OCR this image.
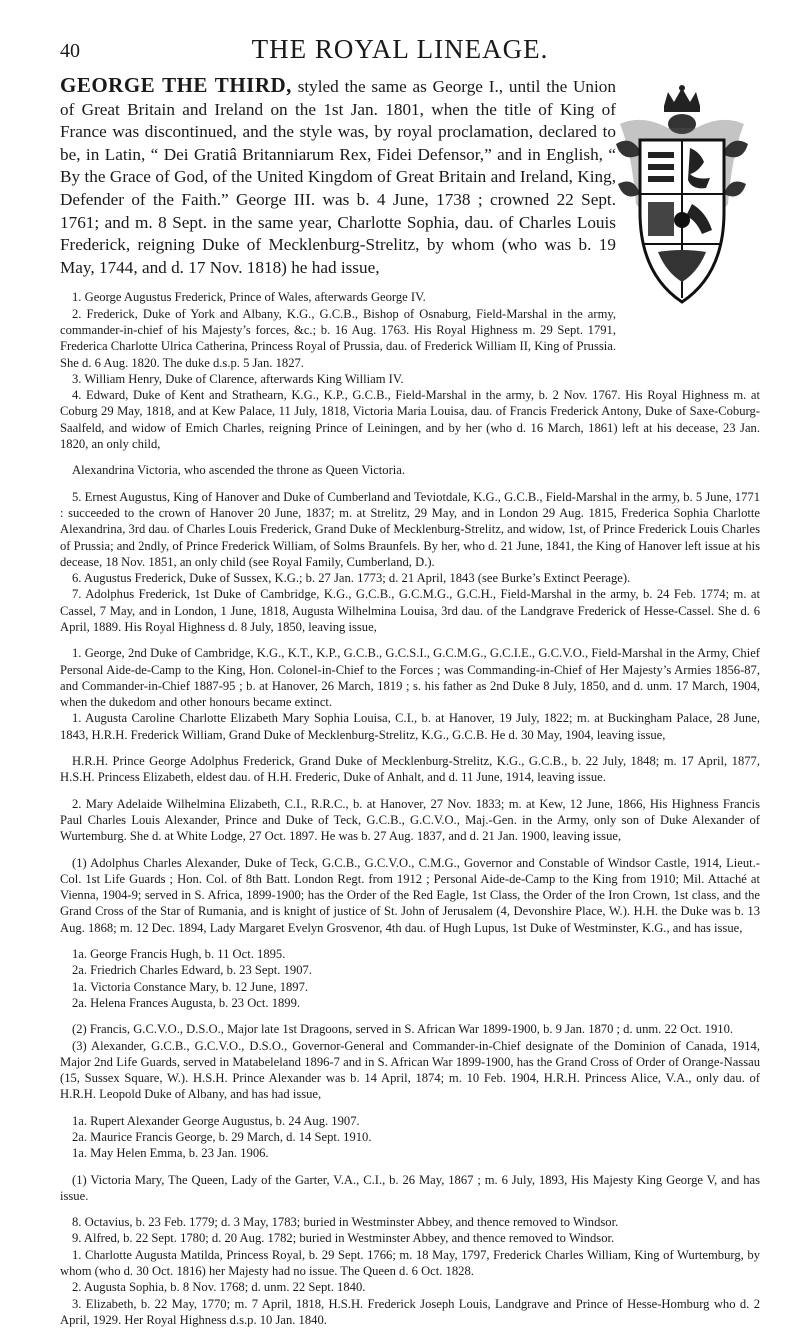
40	THE ROYAL LINEAGE.

GEORGE THE THIRD, styled the same as George I., until the Union of Great Britain and Ireland on the 1st Jan. 1801, when the title of King of France was discontinued, and the style was, by royal proclamation, declared to be, in Latin, “ Dei Gratiâ Britanniarum Rex, Fidei Defensor,” and in English, “ By the Grace of God, of the United Kingdom of Great Britain and Ireland, King, Defender of the Faith.” George III. was b. 4 June, 1738 ; crowned 22 Sept. 1761; and m. 8 Sept. in the same year, Charlotte Sophia, dau. of Charles Louis Frederick, reigning Duke of Mecklenburg-Strelitz, by whom (who was b. 19 May, 1744, and d. 17 Nov. 1818) he had issue,

1. George Augustus Frederick, Prince of Wales, afterwards George IV.

2. Frederick, Duke of York and Albany, K.G., G.C.B., Bishop of Osnaburg, Field-Marshal in the army, commander-in-chief of his Majesty’s forces, &c.; b. 16 Aug. 1763. His Royal Highness m. 29 Sept. 1791, Frederica Charlotte Ulrica Catherina, Princess Royal of Prussia, dau. of Frederick William II, King of Prussia. She d. 6 Aug. 1820. The duke d.s.p. 5 Jan. 1827.

3. William Henry, Duke of Clarence, afterwards King William IV.

4. Edward, Duke of Kent and Strathearn, K.G., K.P., G.C.B., Field-Marshal in the army, b. 2 Nov. 1767. His Royal Highness m. at Coburg 29 May, 1818, and at Kew Palace, 11 July, 1818, Victoria Maria Louisa, dau. of Francis Frederick Antony, Duke of Saxe-Coburg-Saalfeld, and widow of Emich Charles, reigning Prince of Leiningen, and by her (who d. 16 March, 1861) left at his decease, 23 Jan. 1820, an only child,

Alexandrina Victoria, who ascended the throne as Queen Victoria.

5. Ernest Augustus, King of Hanover and Duke of Cumberland and Teviotdale, K.G., G.C.B., Field-Marshal in the army, b. 5 June, 1771 : succeeded to the crown of Hanover 20 June, 1837; m. at Strelitz, 29 May, and in London 29 Aug. 1815, Frederica Sophia Charlotte Alexandrina, 3rd dau. of Charles Louis Frederick, Grand Duke of Mecklenburg-Strelitz, and widow, 1st, of Prince Frederick Louis Charles of Prussia; and 2ndly, of Prince Frederick William, of Solms Braunfels. By her, who d. 21 June, 1841, the King of Hanover left issue at his decease, 18 Nov. 1851, an only child (see Royal Family, Cumberland, D.).

6. Augustus Frederick, Duke of Sussex, K.G.; b. 27 Jan. 1773; d. 21 April, 1843 (see Burke’s Extinct Peerage).

7. Adolphus Frederick, 1st Duke of Cambridge, K.G., G.C.B., G.C.M.G., G.C.H., Field-Marshal in the army, b. 24 Feb. 1774; m. at Cassel, 7 May, and in London, 1 June, 1818, Augusta Wilhelmina Louisa, 3rd dau. of the Landgrave Frederick of Hesse-Cassel. She d. 6 April, 1889. His Royal Highness d. 8 July, 1850, leaving issue,

1. George, 2nd Duke of Cambridge, K.G., K.T., K.P., G.C.B., G.C.S.I., G.C.M.G., G.C.I.E., G.C.V.O., Field-Marshal in the Army, Chief Personal Aide-de-Camp to the King, Hon. Colonel-in-Chief to the Forces ; was Commanding-in-Chief of Her Majesty’s Armies 1856-87, and Commander-in-Chief 1887-95 ; b. at Hanover, 26 March, 1819 ; s. his father as 2nd Duke 8 July, 1850, and d. unm. 17 March, 1904, when the dukedom and other honours became extinct.

1. Augusta Caroline Charlotte Elizabeth Mary Sophia Louisa, C.I., b. at Hanover, 19 July, 1822; m. at Buckingham Palace, 28 June, 1843, H.R.H. Frederick William, Grand Duke of Mecklenburg-Strelitz, K.G., G.C.B. He d. 30 May, 1904, leaving issue,

H.R.H. Prince George Adolphus Frederick, Grand Duke of Mecklenburg-Strelitz, K.G., G.C.B., b. 22 July, 1848; m. 17 April, 1877, H.S.H. Princess Elizabeth, eldest dau. of H.H. Frederic, Duke of Anhalt, and d. 11 June, 1914, leaving issue.

2. Mary Adelaide Wilhelmina Elizabeth, C.I., R.R.C., b. at Hanover, 27 Nov. 1833; m. at Kew, 12 June, 1866, His Highness Francis Paul Charles Louis Alexander, Prince and Duke of Teck, G.C.B., G.C.V.O., Maj.-Gen. in the Army, only son of Duke Alexander of Wurtemburg. She d. at White Lodge, 27 Oct. 1897. He was b. 27 Aug. 1837, and d. 21 Jan. 1900, leaving issue,

(1) Adolphus Charles Alexander, Duke of Teck, G.C.B., G.C.V.O., C.M.G., Governor and Constable of Windsor Castle, 1914, Lieut.-Col. 1st Life Guards ; Hon. Col. of 8th Batt. London Regt. from 1912 ; Personal Aide-de-Camp to the King from 1910; Mil. Attaché at Vienna, 1904-9; served in S. Africa, 1899-1900; has the Order of the Red Eagle, 1st Class, the Order of the Iron Crown, 1st class, and the Grand Cross of the Star of Rumania, and is knight of justice of St. John of Jerusalem (4, Devonshire Place, W.). H.H. the Duke was b. 13 Aug. 1868; m. 12 Dec. 1894, Lady Margaret Evelyn Grosvenor, 4th dau. of Hugh Lupus, 1st Duke of Westminster, K.G., and has issue,

1a. George Francis Hugh, b. 11 Oct. 1895.

2a. Friedrich Charles Edward, b. 23 Sept. 1907.

1a. Victoria Constance Mary, b. 12 June, 1897.

2a. Helena Frances Augusta, b. 23 Oct. 1899.

(2) Francis, G.C.V.O., D.S.O., Major late 1st Dragoons, served in S. African War 1899-1900, b. 9 Jan. 1870 ; d. unm. 22 Oct. 1910.

(3) Alexander, G.C.B., G.C.V.O., D.S.O., Governor-General and Commander-in-Chief designate of the Dominion of Canada, 1914, Major 2nd Life Guards, served in Matabeleland 1896-7 and in S. African War 1899-1900, has the Grand Cross of Order of Orange-Nassau (15, Sussex Square, W.). H.S.H. Prince Alexander was b. 14 April, 1874; m. 10 Feb. 1904, H.R.H. Princess Alice, V.A., only dau. of H.R.H. Leopold Duke of Albany, and has had issue,

1a. Rupert Alexander George Augustus, b. 24 Aug. 1907.

2a. Maurice Francis George, b. 29 March, d. 14 Sept. 1910.

1a. May Helen Emma, b. 23 Jan. 1906.

(1) Victoria Mary, The Queen, Lady of the Garter, V.A., C.I., b. 26 May, 1867 ; m. 6 July, 1893, His Majesty King George V, and has issue.

8. Octavius, b. 23 Feb. 1779; d. 3 May, 1783; buried in Westminster Abbey, and thence removed to Windsor.

9. Alfred, b. 22 Sept. 1780; d. 20 Aug. 1782; buried in Westminster Abbey, and thence removed to Windsor.

1. Charlotte Augusta Matilda, Princess Royal, b. 29 Sept. 1766; m. 18 May, 1797, Frederick Charles William, King of Wurtemburg, by whom (who d. 30 Oct. 1816) her Majesty had no issue. The Queen d. 6 Oct. 1828.

2. Augusta Sophia, b. 8 Nov. 1768; d. unm. 22 Sept. 1840.

3. Elizabeth, b. 22 May, 1770; m. 7 April, 1818, H.S.H. Frederick Joseph Louis, Landgrave and Prince of Hesse-Homburg who d. 2 April, 1929. Her Royal Highness d.s.p. 10 Jan. 1840.
